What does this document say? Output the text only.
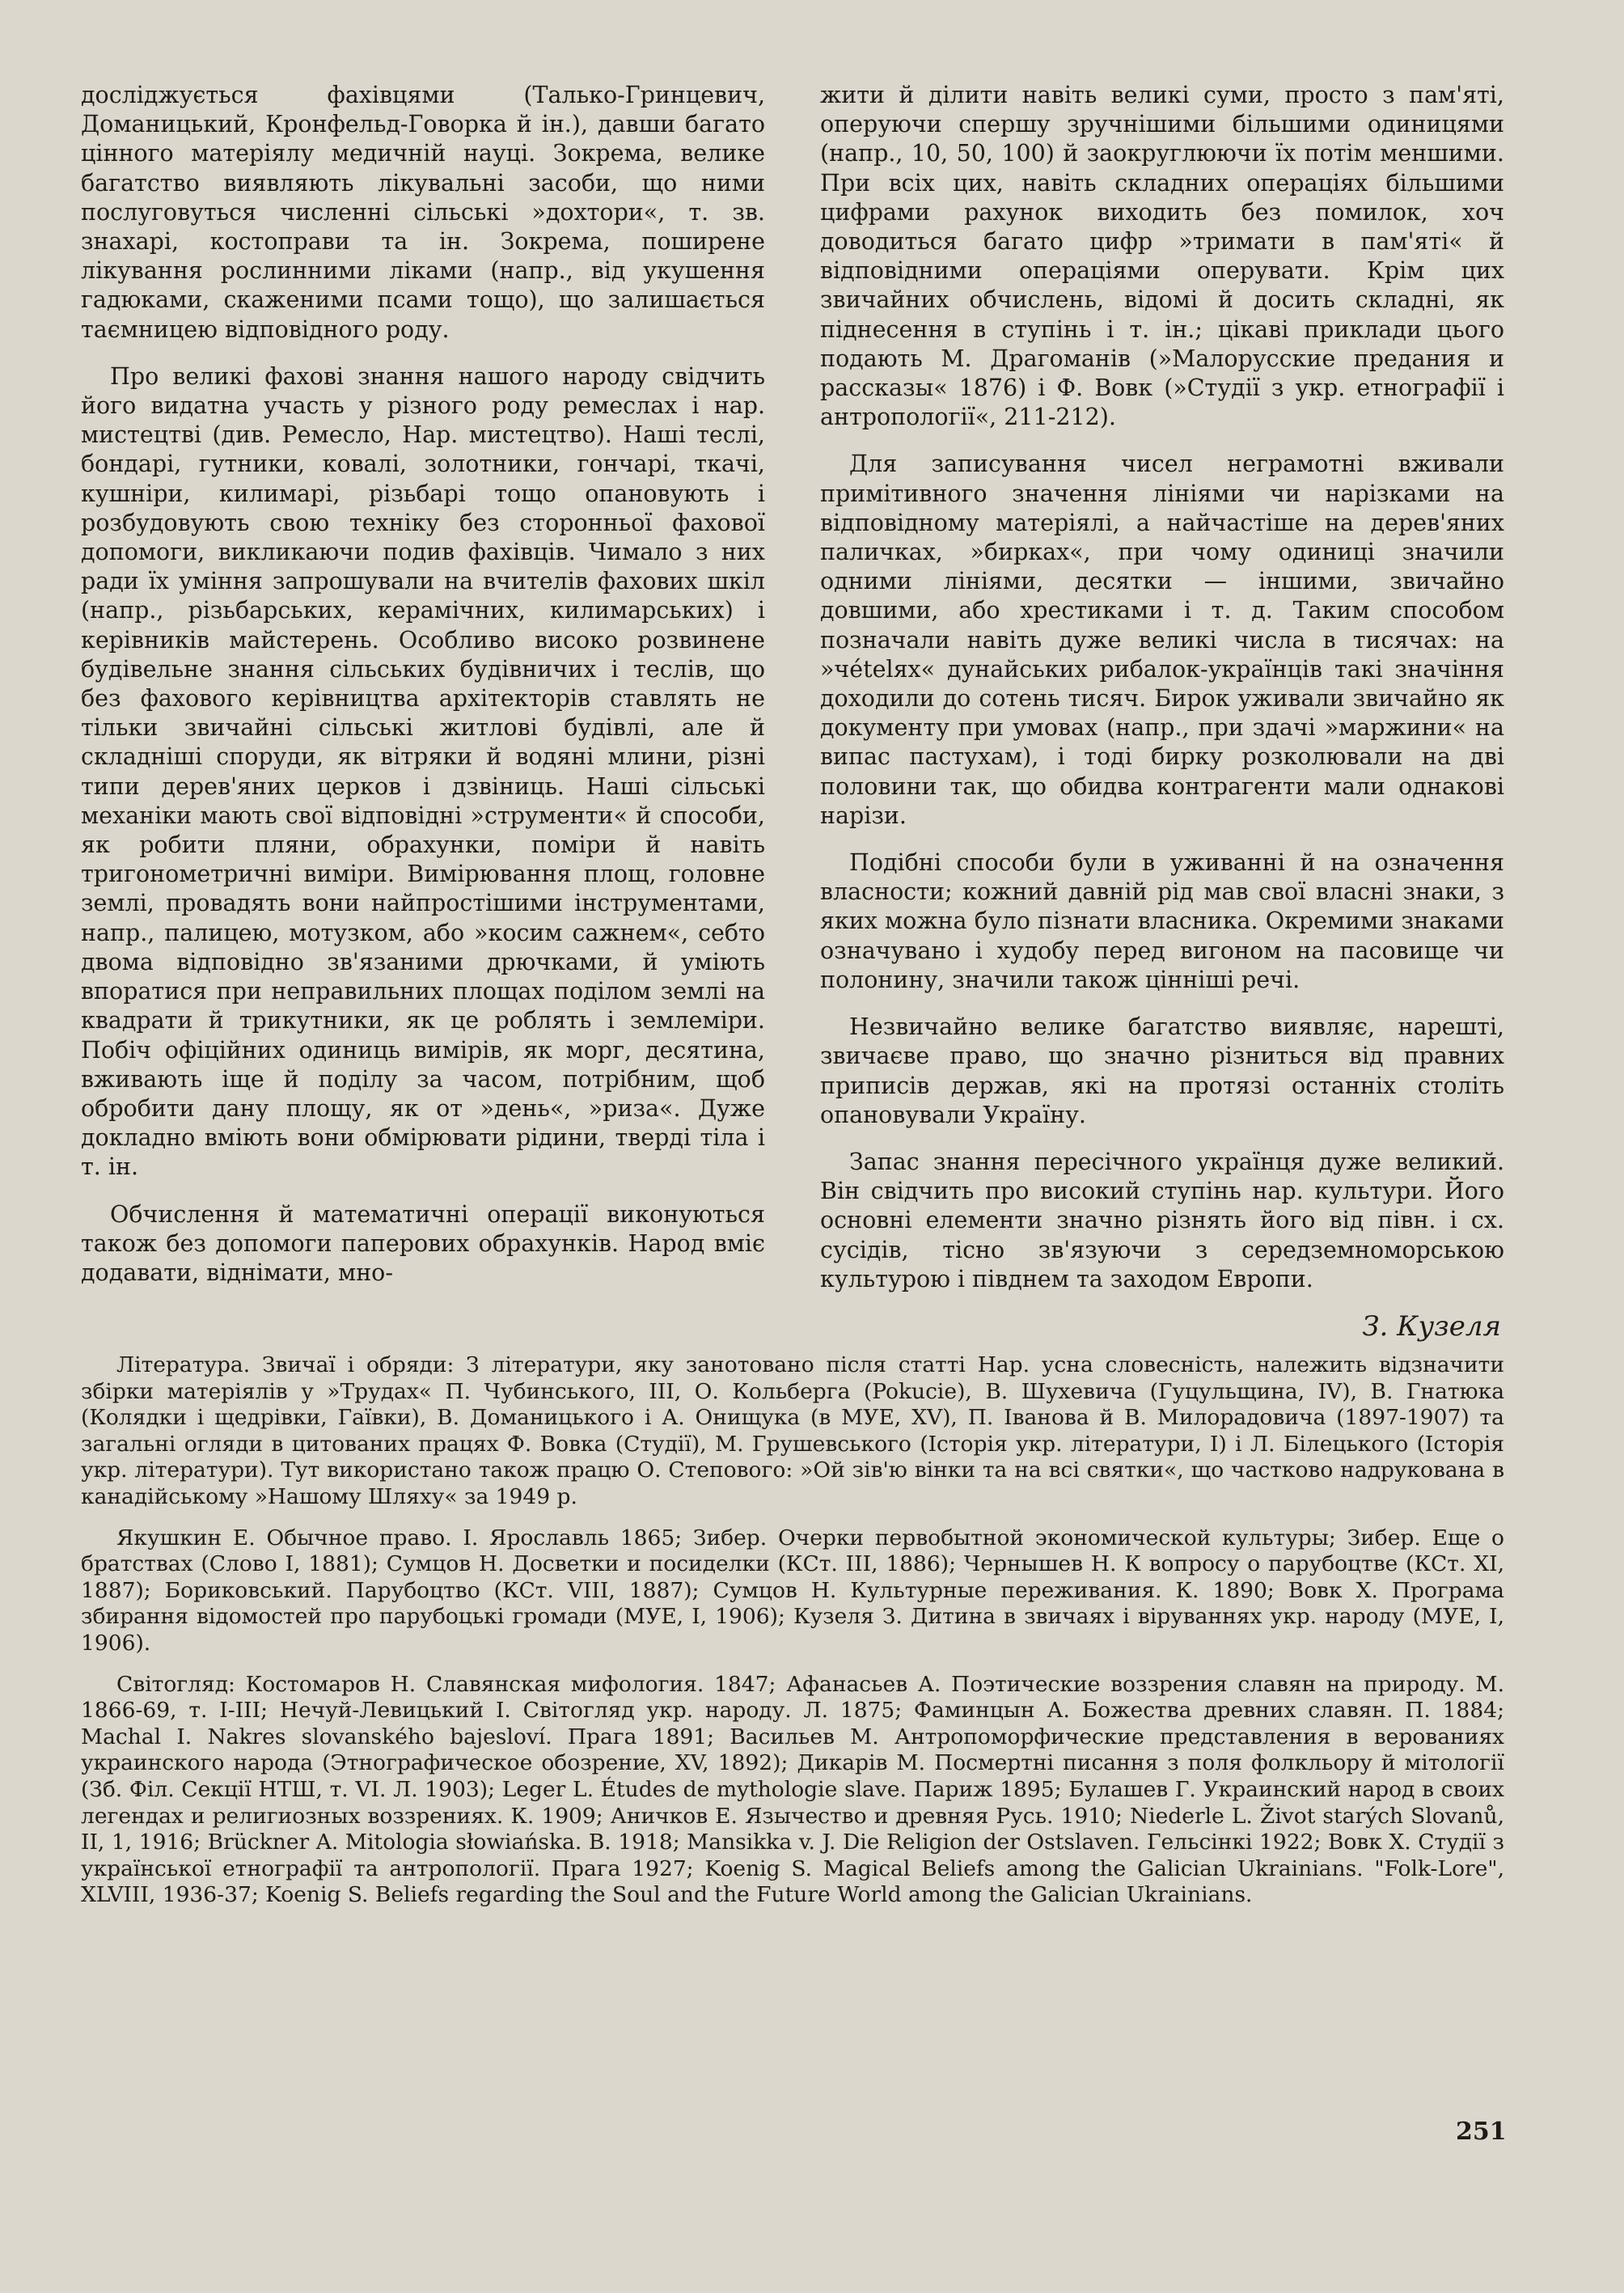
досліджується фахівцями (Талько-Гринцевич, Доманицький, Кронфельд-Говорка й ін.), давши багато цінного матеріялу медичній науці. Зокрема, велике багатство виявляють лікувальні засоби, що ними послуговуться численні сільські »дохтори«, т. зв. знахарі, костоправи та ін. Зокрема, поширене лікування рослинними ліками (напр., від укушення гадюками, скаженими псами тощо), що залишається таємницею відповідного роду.

Про великі фахові знання нашого народу свідчить його видатна участь у різного роду ремеслах і нар. мистецтві (див. Ремесло, Нар. мистецтво). Наші теслі, бондарі, гутники, ковалі, золотники, гончарі, ткачі, кушніри, килимарі, різьбарі тощо опановують і розбудовують свою техніку без сторонньої фахової допомоги, викликаючи подив фахівців. Чимало з них ради їх уміння запрошували на вчителів фахових шкіл (напр., різьбарських, керамічних, килимарських) і керівників майстерень. Особливо високо розвинене будівельне знання сільських будівничих і теслів, що без фахового керівництва архітекторів ставлять не тільки звичайні сільські житлові будівлі, але й складніші споруди, як вітряки й водяні млини, різні типи дерев'яних церков і дзвіниць. Наші сільські механіки мають свої відповідні »струменти« й способи, як робити пляни, обрахунки, поміри й навіть тригонометричні виміри. Вимірювання площ, головне землі, провадять вони найпростішими інструментами, напр., палицею, мотузком, або »косим сажнем«, себто двома відповідно зв'язаними дрючками, й уміють впоратися при неправильних площах подiлом землі на квадрати й трикутники, як це роблять і землеміри. Побіч офіційних одиниць вимірів, як морг, десятина, вживають іще й поділу за часом, потрібним, щоб обробити дану площу, як от »день«, »риза«. Дуже докладно вміють вони обмірювати рідини, тверді тіла і т. ін.

Обчислення й математичні операції виконуються також без допомоги паперових обрахунків. Народ вміє додавати, віднімати, мно-

жити й ділити навіть великі суми, просто з пам'яті, оперуючи спершу зручнішими більшими одиницями (напр., 10, 50, 100) й заокруглюючи їх потім меншими. При всіх цих, навіть складних операціях більшими цифрами рахунок виходить без помилок, хоч доводиться багато цифр »тримати в пам'яті« й відповідними операцiями оперувати. Крім цих звичайних обчислень, відомі й досить складні, як піднесення в ступінь і т. ін.; цікаві приклади цього подають М. Драгоманів (»Малорусские предания и рассказы« 1876) і Ф. Вовк (»Студії з укр. етнографії і антропології«, 211-212).

Для записування чисел неграмотні вживали примітивного значення лініями чи нарізками на відповідному матеріялі, а найчастіше на дерев'яних паличках, »бирках«, при чому одиниці значили одними лініями, десятки — іншими, звичайно довшими, або хрестиками і т. д. Таким способом позначали навіть дуже великі числа в тисячах: на »чételях« дунайських рибалок-українців такі значіння доходили до сотень тисяч. Бирок уживали звичайно як документу при умовах (напр., при здачі »маржини« на випас пастухам), і тоді бирку розколювали на дві половини так, що обидва контрагенти мали однакові нарізи.

Подібні способи були в уживанні й на означення власности; кожний давній рід мав свої власні знаки, з яких можна було пізнати власника. Окремими знаками означувано і худобу перед вигоном на пасовище чи полонину, значили також цінніші речі.

Незвичайно велике багатство виявляє, нарешті, звичаєве право, що значно різниться від правних приписів держав, які на протязі останніх століть опановували Україну.

Запас знання пересічного українця дуже великий. Він свідчить про високий ступінь нар. культури. Його основні елементи значно різнять його від півн. і сх. сусідів, тісно зв'язуючи з середземноморською культурою і півднем та заходом Европи.

З. Кузеля

Література. Звичаї і обряди: З літератури, яку занотовано після статті Нар. усна словесність, належить відзначити збірки матеріялів у »Трудах« П. Чубинського, III, О. Кольберга (Pokucie), В. Шухевича (Гуцульщина, IV), В. Гнатюка (Колядки і щедрівки, Гаївки), В. Доманицького і А. Онищука (в МУЕ, XV), П. Іванова й В. Милорадовича (1897-1907) та загальні огляди в цитованих працях Ф. Вовка (Студії), М. Грушевського (Історія укр. літератури, I) і Л. Білецького (Історія укр. літератури). Тут використано також працю О. Степового: »Ой зів'ю вінки та на всі святки«, що частково надрукована в канадійському »Нашому Шляху« за 1949 р.

Якушкин Е. Обычное право. I. Ярославль 1865; Зибер. Очерки первобытной экономической культуры; Зибер. Еще о братствах (Слово I, 1881); Сумцов Н. Досветки и посиделки (КСт. III, 1886); Чернышев Н. К вопросу о парубоцтве (КСт. XI, 1887); Бориковський. Парубоцтво (КСт. VIII, 1887); Сумцов Н. Культурные переживания. К. 1890; Вовк Х. Програма збирання відомостей про парубоцькі громади (МУЕ, I, 1906); Кузеля З. Дитина в звичаях і віруваннях укр. народу (МУЕ, I, 1906).

Світогляд: Костомаров Н. Славянская мифология. 1847; Афанасьев А. Поэтические воззрения славян на природу. М. 1866-69, т. I-III; Нечуй-Левицький І. Світогляд укр. народу. Л. 1875; Фаминцын А. Божества древних славян. П. 1884; Machal I. Nakres slovanského bajesloví. Прага 1891; Васильев М. Антропоморфические представления в верованиях украинского народа (Этнографическое обозрение, XV, 1892); Дикарів М. Посмертні писання з поля фолкльору й мітології (Зб. Філ. Секції НТШ, т. VI. Л. 1903); Leger L. Études de mythologie slave. Париж 1895; Булашев Г. Украинский народ в своих легендах и религиозных воззрениях. К. 1909; Аничков Е. Язычество и древняя Русь. 1910; Niederle L. Život starých Slovanů, II, 1, 1916; Brückner A. Mitologia słowiańska. B. 1918; Mansikka v. J. Die Religion der Ostslaven. Гельсінкі 1922; Вовк Х. Студії з української етнографії та антропології. Прага 1927; Koenig S. Magical Beliefs among the Galician Ukrainians. "Folk-Lore", XLVIII, 1936-37; Koenig S. Beliefs regarding the Soul and the Future World among the Galician Ukrainians.

251
